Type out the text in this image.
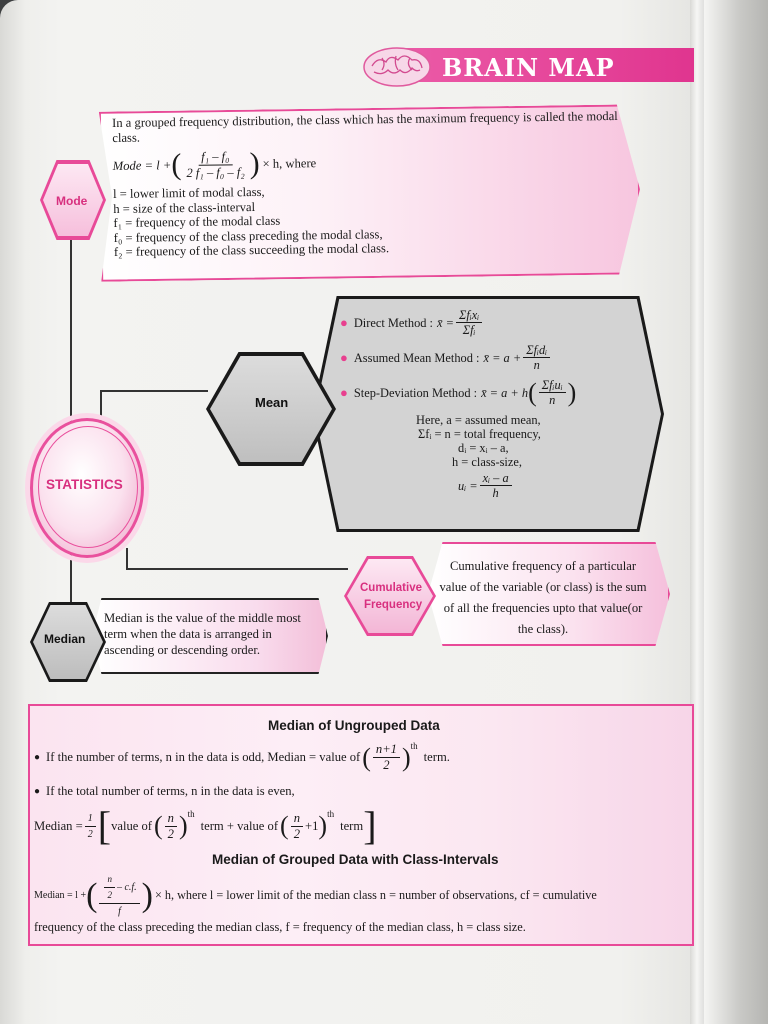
BRAIN MAP
In a grouped frequency distribution, the class which has the maximum frequency is called the modal class.
Mode = l + ( $\frac{\text{f₁ – f₀}}{\text{2 f₁ – f₀ – f₂}}$ ) × h, where
l = lower limit of modal class,
h = size of the class-interval
f₁ = frequency of the modal class
f₀ = frequency of the class preceding the modal class,
f₂ = frequency of the class succeeding the modal class.
Mode
STATISTICS
● Direct Method : x̄ = $\frac{\text{Σfᵢxᵢ}}{\text{Σfᵢ}}$
● Assumed Mean Method : x̄ = $a + \frac{\text{Σfᵢdᵢ}}{n}$
● Step-Deviation Method : x̄ = a + h ( $\frac{\text{Σfᵢuᵢ}}{n}$ )
Here, a = assumed mean,
Σfᵢ = n = total frequency,
dᵢ = xᵢ – a,
h = class-size,
uᵢ = $\frac{\text{xᵢ – a}}{h}$
Mean
Cumulative frequency of a particular value of the variable (or class) is the sum of all the frequencies upto that value(or the class).
Cumulative
Frequency
Median is the value of the middle most term when the data is arranged in ascending or descending order.
Median
Median of Ungrouped Data
● If the number of terms, n in the data is odd, Median = value of ( $\frac{n+1}{2}$ ) th
term.
● If the total number of terms, n in the data is even,
Median = $\frac{1}{2}$ [ value of ( $\frac{n}{2}$ ) th
term + value of ( $\frac{n}{2} +1$ ) th
term ]
Median of Grouped Data with Class-Intervals
Median = l + ( $\frac{\frac{n}{2} - c.f.}{f}$ ) × h, where l = lower limit of the median class n = number of observations, cf = cumulative
frequency of the class preceding the median class, f = frequency of the median class, h = class size.
